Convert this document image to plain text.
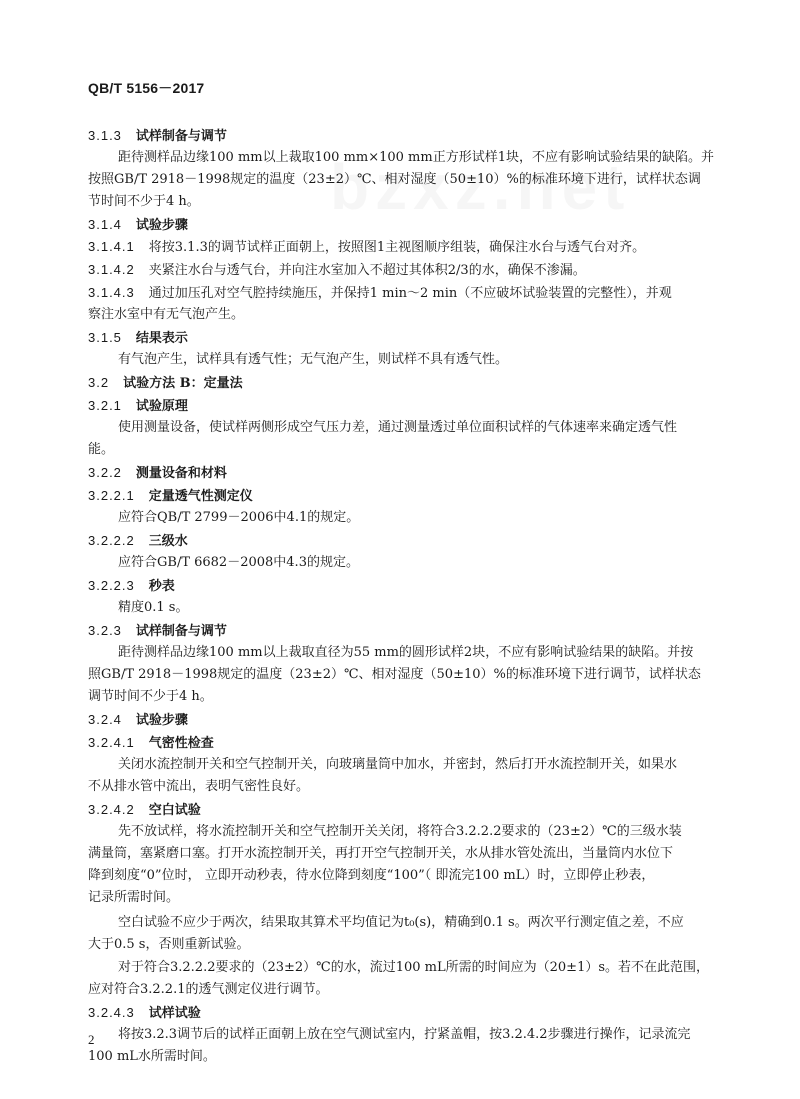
QB/T 5156－2017
3.1.3 试样制备与调节
距待测样品边缘100 mm以上裁取100 mm×100 mm正方形试样1块，不应有影响试验结果的缺陷。并
按照GB/T 2918－1998规定的温度（23±2）℃、相对湿度（50±10）%的标准环境下进行，试样状态调
节时间不少于4 h。
3.1.4 试验步骤
3.1.4.1 将按3.1.3的调节试样正面朝上，按照图1主视图顺序组装，确保注水台与透气台对齐。
3.1.4.2 夹紧注水台与透气台，并向注水室加入不超过其体积2/3的水，确保不渗漏。
3.1.4.3 通过加压孔对空气腔持续施压，并保持1 min～2 min（不应破坏试验装置的完整性），并观
察注水室中有无气泡产生。
3.1.5 结果表示
有气泡产生，试样具有透气性；无气泡产生，则试样不具有透气性。
3.2 试验方法 B：定量法
3.2.1 试验原理
使用测量设备，使试样两侧形成空气压力差，通过测量透过单位面积试样的气体速率来确定透气性
能。
3.2.2 测量设备和材料
3.2.2.1 定量透气性测定仪
应符合QB/T 2799－2006中4.1的规定。
3.2.2.2 三级水
应符合GB/T 6682－2008中4.3的规定。
3.2.2.3 秒表
精度0.1 s。
3.2.3 试样制备与调节
距待测样品边缘100 mm以上裁取直径为55 mm的圆形试样2块，不应有影响试验结果的缺陷。并按
照GB/T 2918－1998规定的温度（23±2）℃、相对湿度（50±10）%的标准环境下进行调节，试样状态
调节时间不少于4 h。
3.2.4 试验步骤
3.2.4.1 气密性检查
关闭水流控制开关和空气控制开关，向玻璃量筒中加水，并密封，然后打开水流控制开关，如果水
不从排水管中流出，表明气密性良好。
3.2.4.2 空白试验
先不放试样，将水流控制开关和空气控制开关关闭，将符合3.2.2.2要求的（23±2）℃的三级水装
满量筒，塞紧磨口塞。打开水流控制开关，再打开空气控制开关，水从排水管处流出，当量筒内水位下
降到刻度“0”位时， 立即开动秒表，待水位降到刻度“100”（ 即流完100 mL）时，立即停止秒表，
记录所需时间。
空白试验不应少于两次，结果取其算术平均值记为t₀(s)，精确到0.1 s。两次平行测定值之差，不应
大于0.5 s，否则重新试验。
对于符合3.2.2.2要求的（23±2）℃的水，流过100 mL所需的时间应为（20±1）s。若不在此范围，
应对符合3.2.2.1的透气测定仪进行调节。
3.2.4.3 试样试验
将按3.2.3调节后的试样正面朝上放在空气测试室内，拧紧盖帽，按3.2.4.2步骤进行操作，记录流完
100 mL水所需时间。
2
